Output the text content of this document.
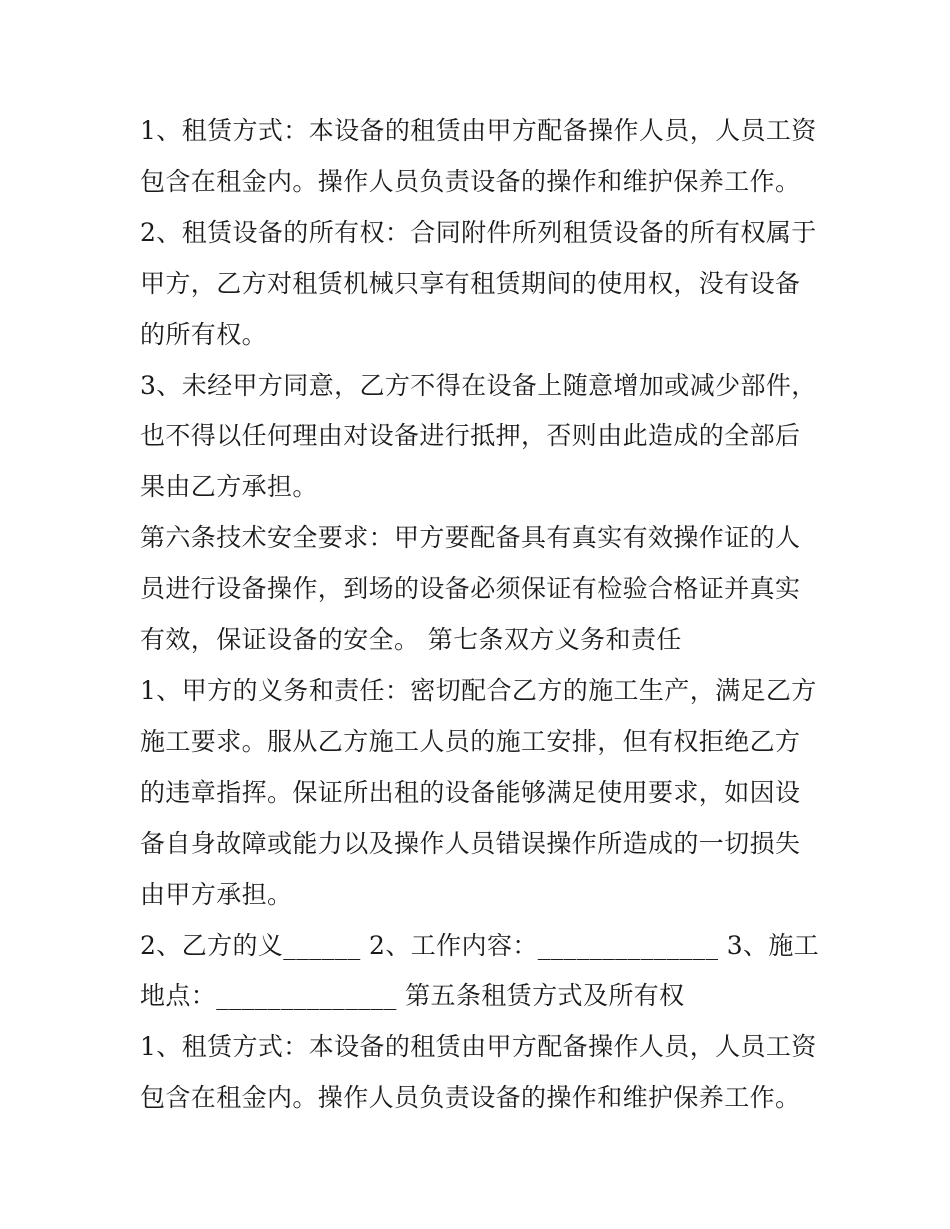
1、租赁方式：本设备的租赁由甲方配备操作人员，人员工资包含在租金内。操作人员负责设备的操作和维护保养工作。

2、租赁设备的所有权：合同附件所列租赁设备的所有权属于甲方，乙方对租赁机械只享有租赁期间的使用权，没有设备的所有权。

3、未经甲方同意，乙方不得在设备上随意增加或减少部件，也不得以任何理由对设备进行抵押，否则由此造成的全部后果由乙方承担。

第六条技术安全要求：甲方要配备具有真实有效操作证的人员进行设备操作，到场的设备必须保证有检验合格证并真实有效，保证设备的安全。 第七条双方义务和责任

1、甲方的义务和责任：密切配合乙方的施工生产，满足乙方施工要求。服从乙方施工人员的施工安排，但有权拒绝乙方的违章指挥。保证所出租的设备能够满足使用要求，如因设备自身故障或能力以及操作人员错误操作所造成的一切损失由甲方承担。

2、乙方的义______ 2、工作内容：______________ 3、施工地点：______________ 第五条租赁方式及所有权

1、租赁方式：本设备的租赁由甲方配备操作人员，人员工资包含在租金内。操作人员负责设备的操作和维护保养工作。
